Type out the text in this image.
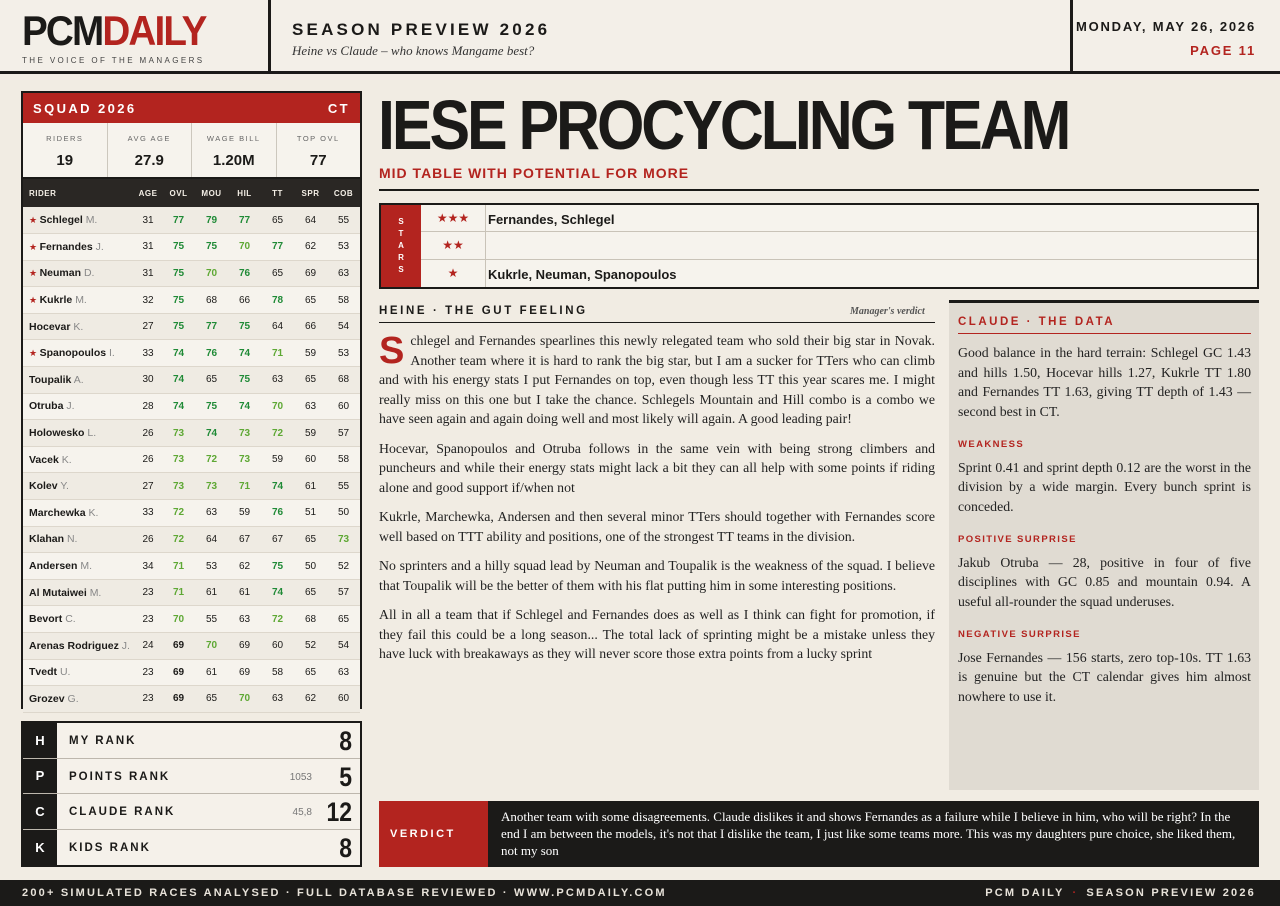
PCMDAILY
THE VOICE OF THE MANAGERS
SEASON PREVIEW 2026
Heine vs Claude – who knows Mangame best?
MONDAY, MAY 26, 2026
PAGE 11
SQUAD 2026	CT
RIDERS
19
AVG AGE
27.9
WAGE BILL
1.20M
TOP OVL
77
RIDER	AGE	OVL	MOU	HIL	TT	SPR	COB
★ Schlegel M.	31	77	79	77	65	64	55
★ Fernandes J.	31	75	75	70	77	62	53
★ Neuman D.	31	75	70	76	65	69	63
★ Kukrle M.	32	75	68	66	78	65	58
Hocevar K.	27	75	77	75	64	66	54
★ Spanopoulos I.	33	74	76	74	71	59	53
Toupalik A.	30	74	65	75	63	65	68
Otruba J.	28	74	75	74	70	63	60
Holowesko L.	26	73	74	73	72	59	57
Vacek K.	26	73	72	73	59	60	58
Kolev Y.	27	73	73	71	74	61	55
Marchewka K.	33	72	63	59	76	51	50
Klahan N.	26	72	64	67	67	65	73
Andersen M.	34	71	53	62	75	50	52
Al Mutaiwei M.	23	71	61	61	74	65	57
Bevort C.	23	70	55	63	72	68	65
Arenas Rodriguez J.	24	69	70	69	60	52	54
Tvedt U.	23	69	61	69	58	65	63
Grozev G.	23	69	65	70	63	62	60
H	MY RANK	8
P	POINTS RANK	1053 5
C	CLAUDE RANK	45,8 12
K	KIDS RANK	8
IESE PROCYCLING TEAM
MID TABLE WITH POTENTIAL FOR MORE
S
T
A
R
S
★★★	Fernandes, Schlegel
★★
★	Kukrle, Neuman, Spanopoulos
HEINE · THE GUT FEELING	Manager's verdict

Schlegel and Fernandes spearlines this newly relegated team who sold their big star in Novak. Another team where it is hard to rank the big star, but I am a sucker for TTers who can climb and with his energy stats I put Fernandes on top, even though less TT this year scares me. I might really miss on this one but I take the chance. Schlegels Mountain and Hill combo is a combo we have seen again and again doing well and most likely will again. A good leading pair!

Hocevar, Spanopoulos and Otruba follows in the same vein with being strong climbers and puncheurs and while their energy stats might lack a bit they can all help with some points if riding alone and good support if/when not

Kukrle, Marchewka, Andersen and then several minor TTers should together with Fernandes score well based on TTT ability and positions, one of the strongest TT teams in the division.

No sprinters and a hilly squad lead by Neuman and Toupalik is the weakness of the squad. I believe that Toupalik will be the better of them with his flat putting him in some interesting positions.

All in all a team that if Schlegel and Fernandes does as well as I think can fight for promotion, if they fail this could be a long season... The total lack of sprinting might be a mistake unless they have luck with breakaways as they will never score those extra points from a lucky sprint

CLAUDE · THE DATA

Good balance in the hard terrain: Schlegel GC 1.43 and hills 1.50, Hocevar hills 1.27, Kukrle TT 1.80 and Fernandes TT 1.63, giving TT depth of 1.43 — second best in CT.

WEAKNESS

Sprint 0.41 and sprint depth 0.12 are the worst in the division by a wide margin. Every bunch sprint is conceded.

POSITIVE SURPRISE

Jakub Otruba — 28, positive in four of five disciplines with GC 0.85 and mountain 0.94. A useful all-rounder the squad underuses.

NEGATIVE SURPRISE

Jose Fernandes — 156 starts, zero top-10s. TT 1.63 is genuine but the CT calendar gives him almost nowhere to use it.

VERDICT
Another team with some disagreements. Claude dislikes it and shows Fernandes as a failure while I believe in him, who will be right? In the end I am between the models, it's not that I dislike the team, I just like some teams more. This was my daughters pure choice, she liked them, not my son
200+ SIMULATED RACES ANALYSED · FULL DATABASE REVIEWED · WWW.PCMDAILY.COM	PCM DAILY · SEASON PREVIEW 2026
